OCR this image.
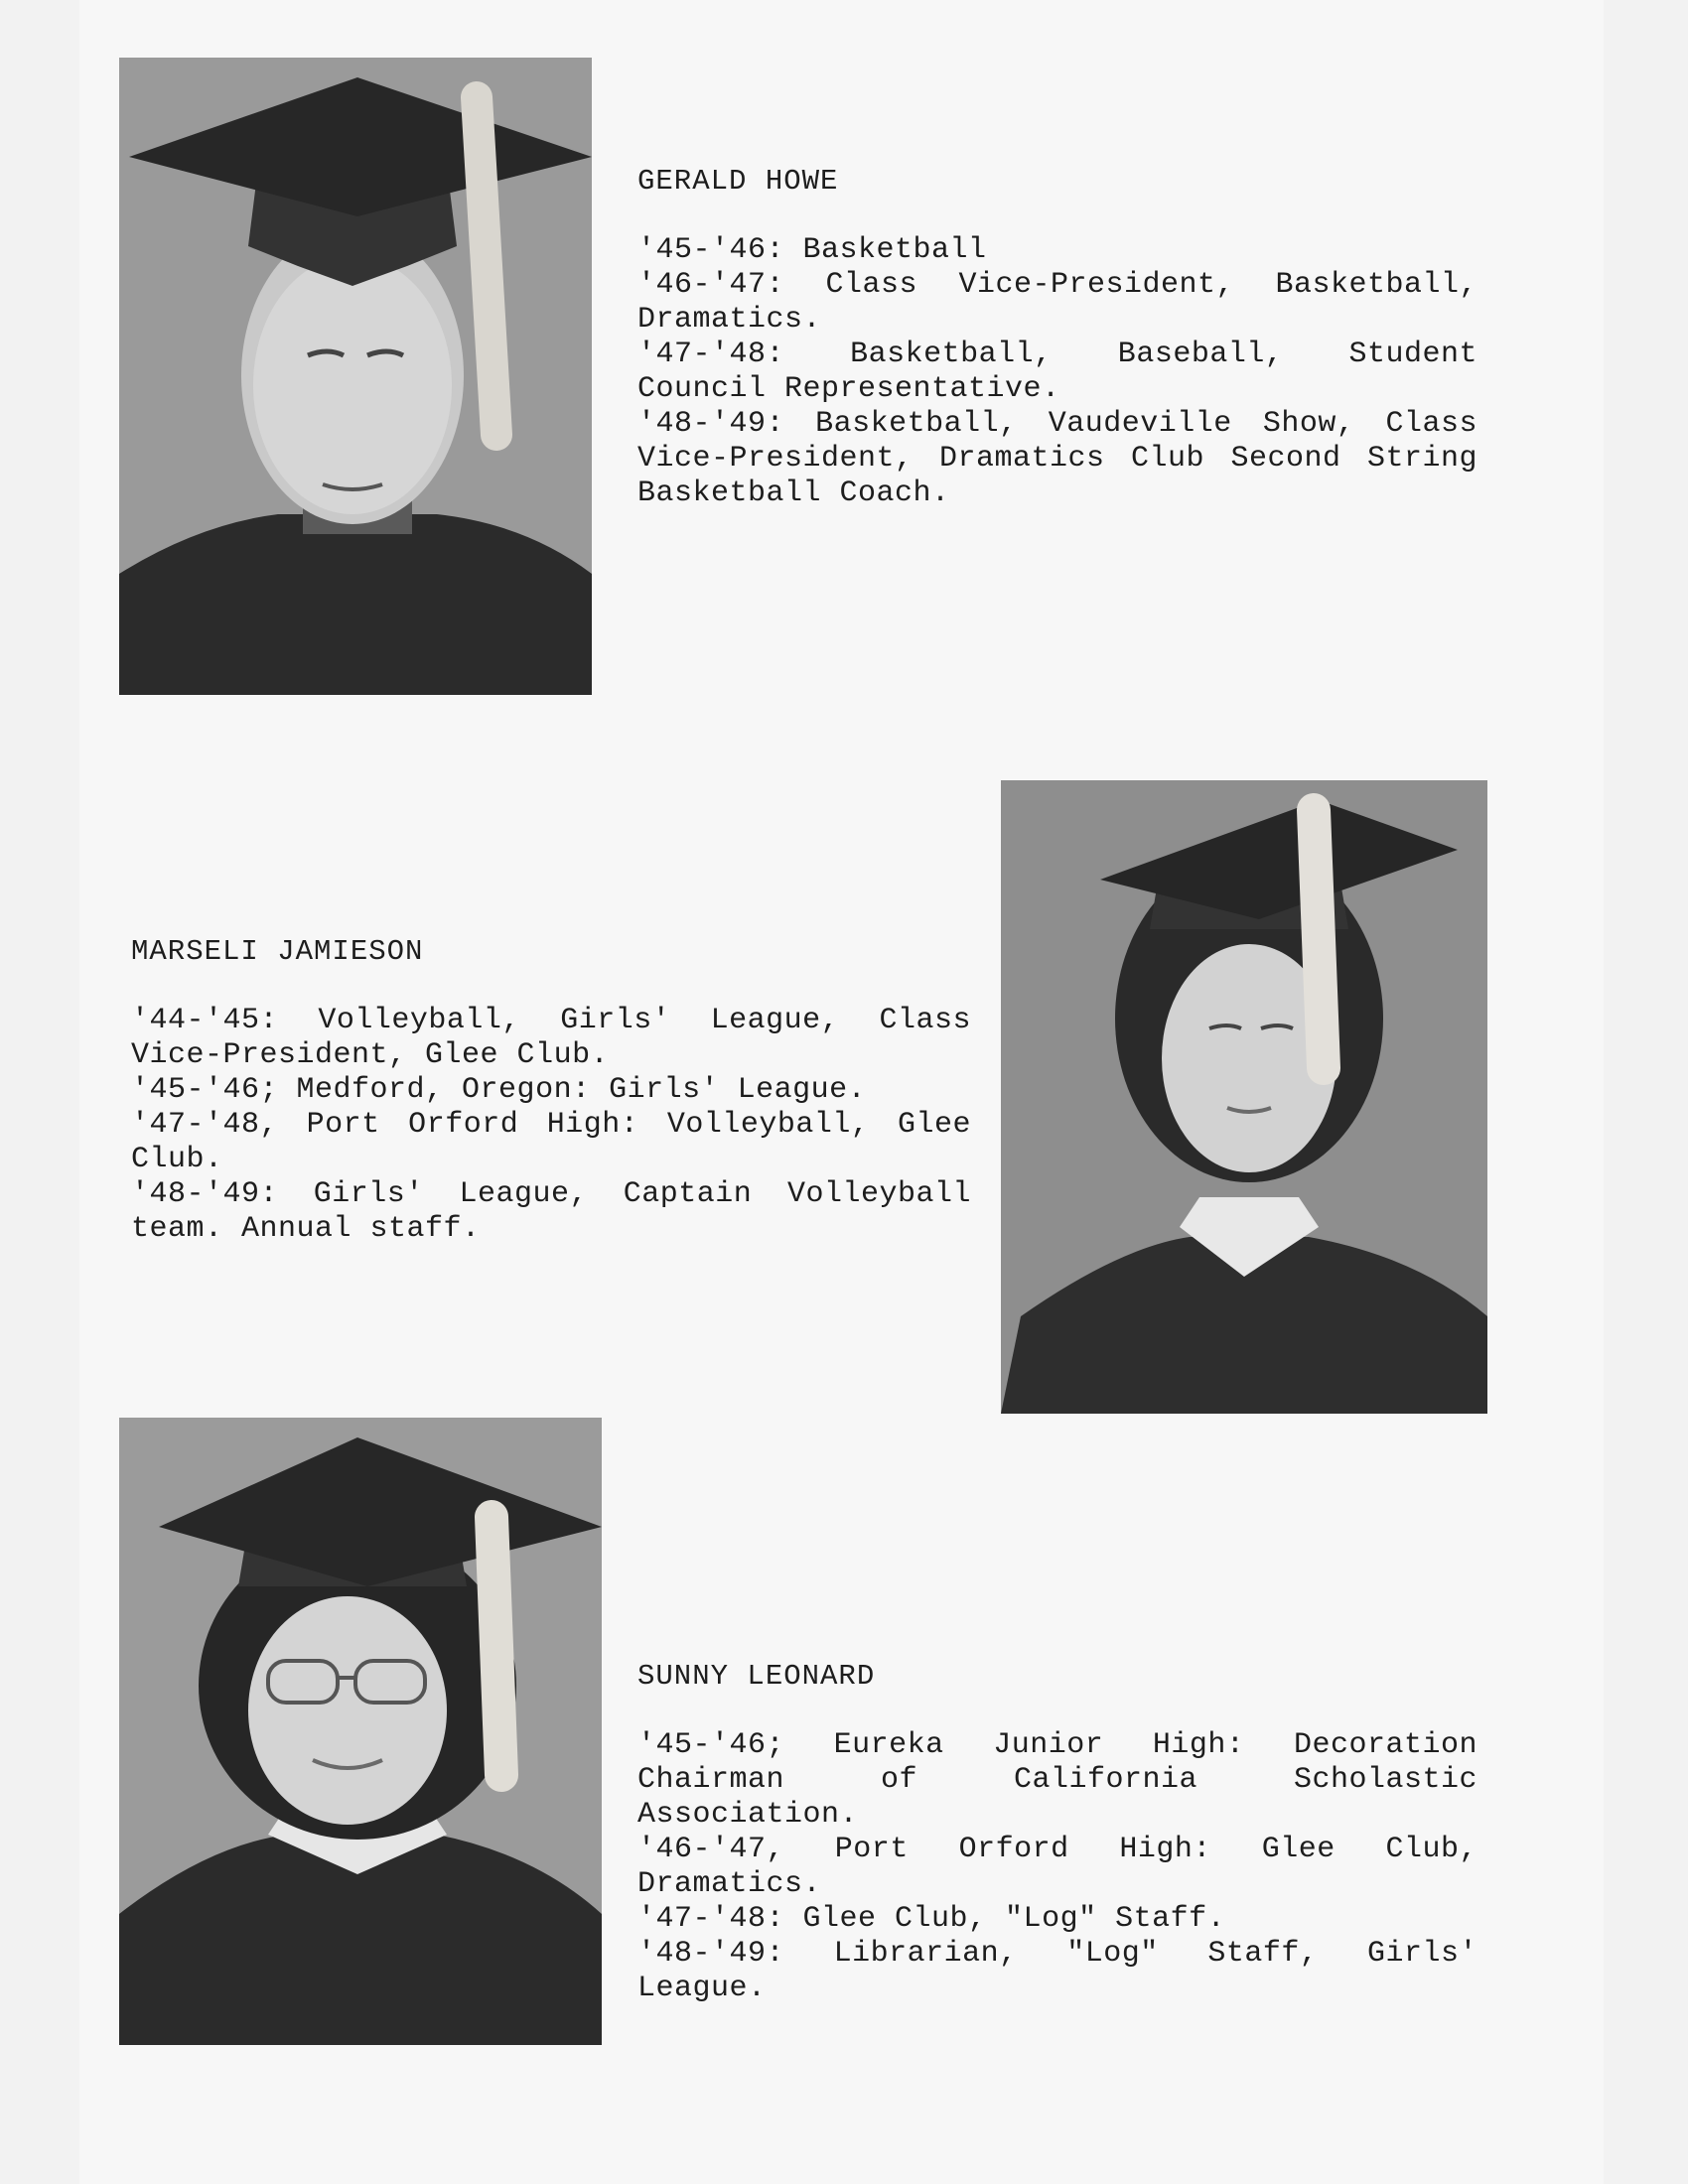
GERALD HOWE

'45-'46: Basketball

'46-'47: Class Vice-President, Basketball, Dramatics.

'47-'48: Basketball, Baseball, Student Council Representative.

'48-'49: Basketball, Vaudeville Show, Class Vice-President, Dramatics Club Second String Basketball Coach.

MARSELI JAMIESON

'44-'45: Volleyball, Girls' League, Class Vice-President, Glee Club.

'45-'46; Medford, Oregon: Girls' League.

'47-'48, Port Orford High: Volleyball, Glee Club.

'48-'49: Girls' League, Captain Volleyball team. Annual staff.

SUNNY LEONARD

'45-'46; Eureka Junior High: Decoration Chairman of California Scholastic Association.

'46-'47, Port Orford High: Glee Club, Dramatics.

'47-'48: Glee Club, "Log" Staff.

'48-'49: Librarian, "Log" Staff, Girls' League.
